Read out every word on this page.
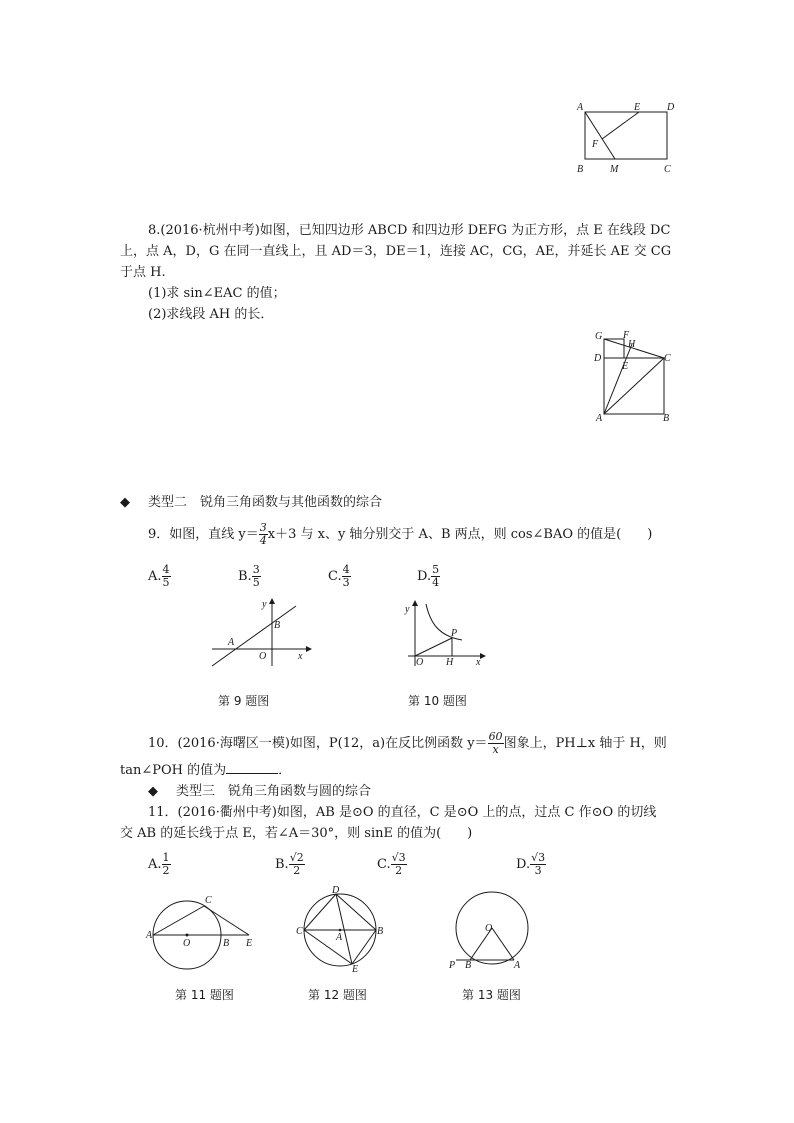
A	E	D
F
B	M	C
8.(2016·杭州中考)如图，已知四边形 ABCD 和四边形 DEFG 为正方形，点 E 在线段 DC
上，点 A，D，G 在同一直线上，且 AD＝3，DE＝1，连接 AC，CG，AE，并延长 AE 交 CG
于点 H.
(1)求 sin∠EAC 的值；
(2)求线段 AH 的长．
G F
H
D	C
E
A	B
◆ 类型二　锐角三角函数与其他函数的综合
9．如图，直线 $y= \frac{3}{4} x+3$ 与 x、y 轴分别交于 A、B 两点，则 cos∠BAO 的值是(　　)
A. $\frac{4}{5}$	B. $\frac{3}{5}$	C. $\frac{4}{3}$	D. $\frac{5}{4}$
y
B
A
O	x
y
P
O H x
第 9 题图	第 10 题图
10．(2016·海曙区一模)如图，P(12，a)在反比例函数 $y= \frac{60}{x}$ 图象上，PH⊥x 轴于 H，则
tan∠POH 的值为	．
◆ 类型三　锐角三角函数与圆的综合
11．(2016·衢州中考)如图，AB 是⊙O 的直径，C 是⊙O 上的点，过点 C 作⊙O 的切线
交 AB 的延长线于点 E，若∠A＝30°，则 sinE 的值为(　　)
A. $\frac{1}{2}$	B. $\frac{√2}{2}$	C. $\frac{√3}{2}$	D. $\frac{√3}{3}$
C
A
O	B E
D
C
A
B
E
O
P B	A
第 11 题图	第 12 题图	第 13 题图
